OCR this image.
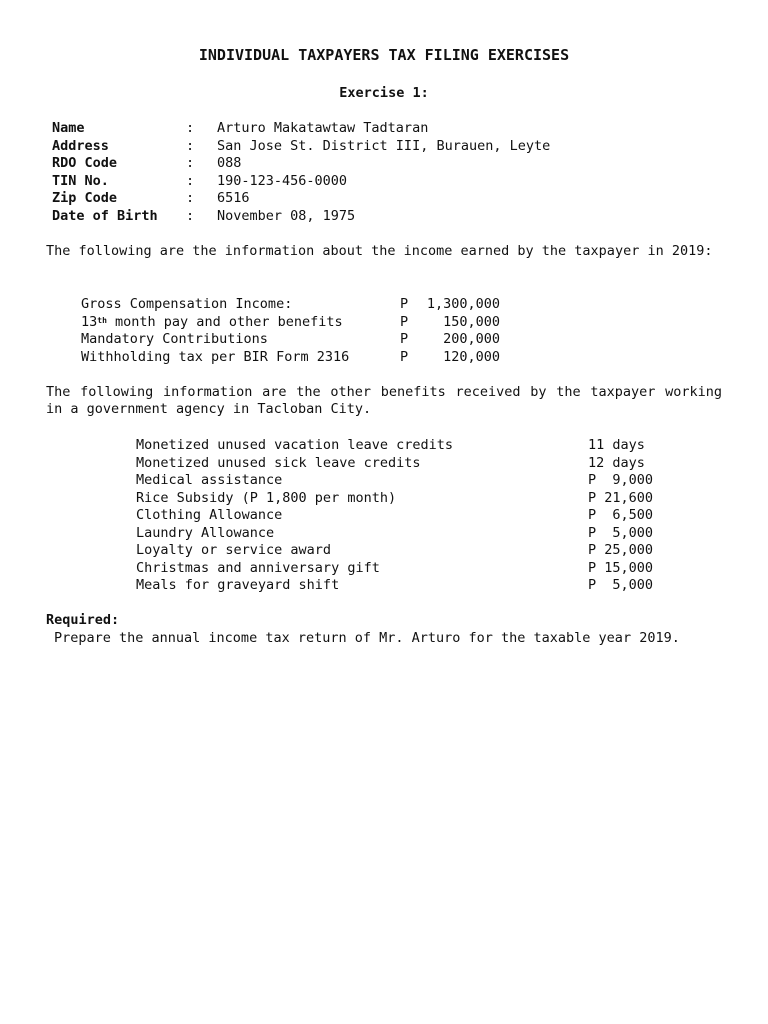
INDIVIDUAL TAXPAYERS TAX FILING EXERCISES
Exercise 1:
Name	: Arturo Makatawtaw Tadtaran
Address	: San Jose St. District III, Burauen, Leyte
RDO Code	: 088
TIN No.	: 190-123-456-0000
Zip Code	: 6516
Date of Birth : November 08, 1975
The following are the information about the income earned by the taxpayer in 2019:
Gross Compensation Income:	P	1,300,000
13th month pay and other benefits	P	150,000
Mandatory Contributions	P	200,000
Withholding tax per BIR Form 2316	P	120,000
The following information are the other benefits received by the taxpayer working in a government agency in Tacloban City.
Monetized unused vacation leave credits	11 days
Monetized unused sick leave credits	12 days
Medical assistance	P  9,000
Rice Subsidy (P 1,800 per month)	P 21,600
Clothing Allowance	P  6,500
Laundry Allowance	P  5,000
Loyalty or service award	P 25,000
Christmas and anniversary gift	P 15,000
Meals for graveyard shift	P  5,000
Required:
Prepare the annual income tax return of Mr. Arturo for the taxable year 2019.
